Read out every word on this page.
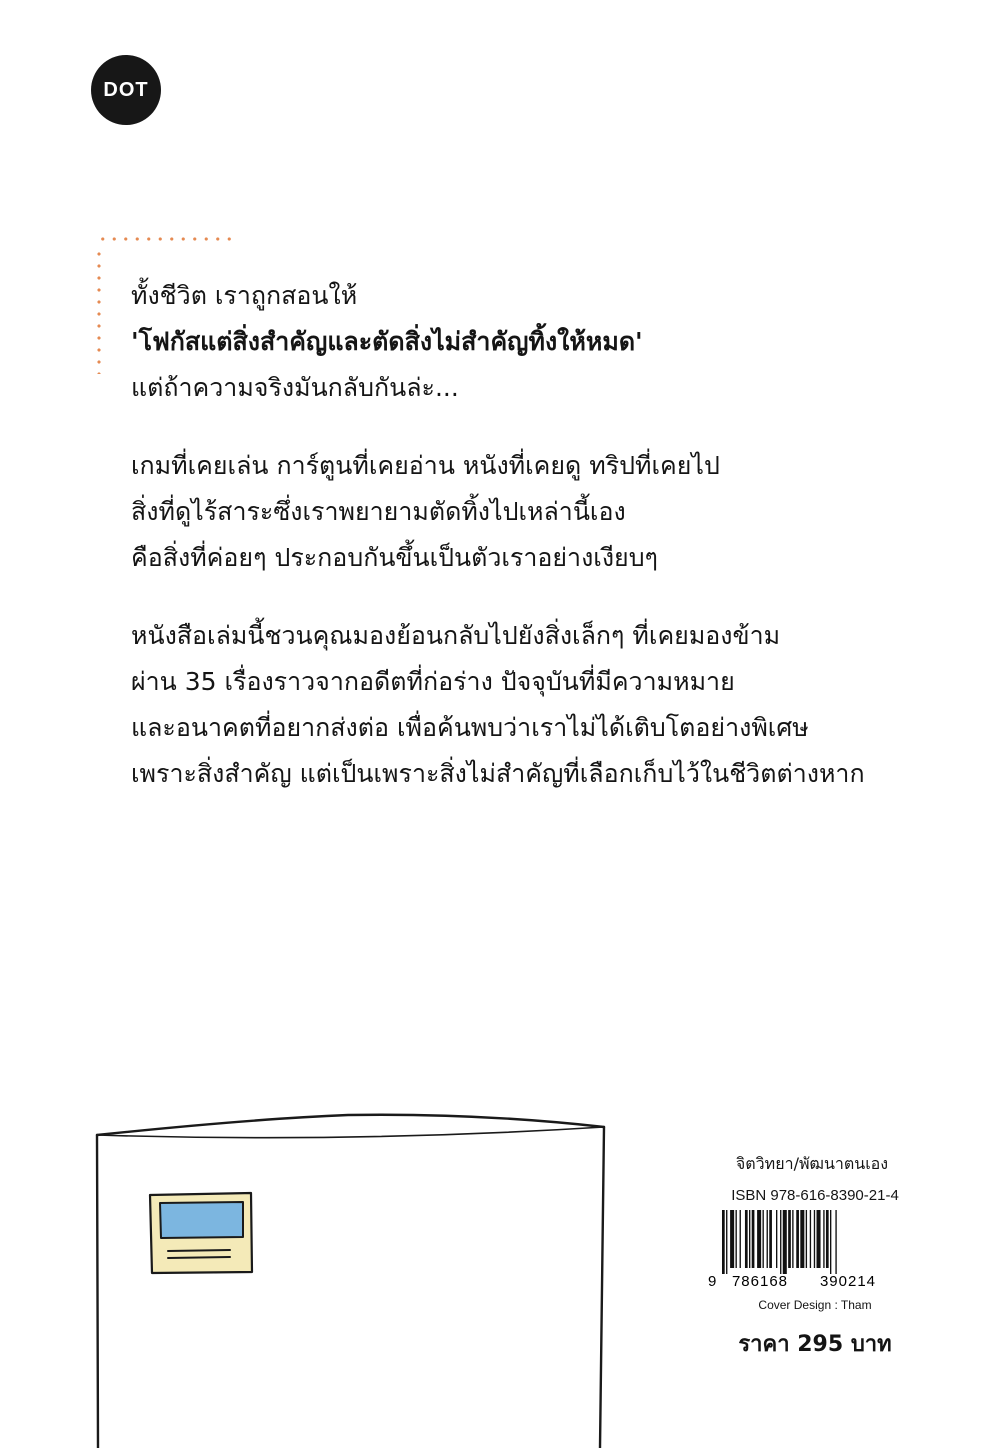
DOT
ทั้งชีวิต เราถูกสอนให้
'โฟกัสแต่สิ่งสำคัญและตัดสิ่งไม่สำคัญทิ้งให้หมด'
แต่ถ้าความจริงมันกลับกันล่ะ...
เกมที่เคยเล่น การ์ตูนที่เคยอ่าน หนังที่เคยดู ทริปที่เคยไป
สิ่งที่ดูไร้สาระซึ่งเราพยายามตัดทิ้งไปเหล่านี้เอง
คือสิ่งที่ค่อยๆ ประกอบกันขึ้นเป็นตัวเราอย่างเงียบๆ
หนังสือเล่มนี้ชวนคุณมองย้อนกลับไปยังสิ่งเล็กๆ ที่เคยมองข้าม
ผ่าน 35 เรื่องราวจากอดีตที่ก่อร่าง ปัจจุบันที่มีความหมาย
และอนาคตที่อยากส่งต่อ เพื่อค้นพบว่าเราไม่ได้เติบโตอย่างพิเศษ
เพราะสิ่งสำคัญ แต่เป็นเพราะสิ่งไม่สำคัญที่เลือกเก็บไว้ในชีวิตต่างหาก
จิตวิทยา/พัฒนาตนเอง
ISBN 978-616-8390-21-4
9 786168 390214
Cover Design : Tham
ราคา 295 บาท
